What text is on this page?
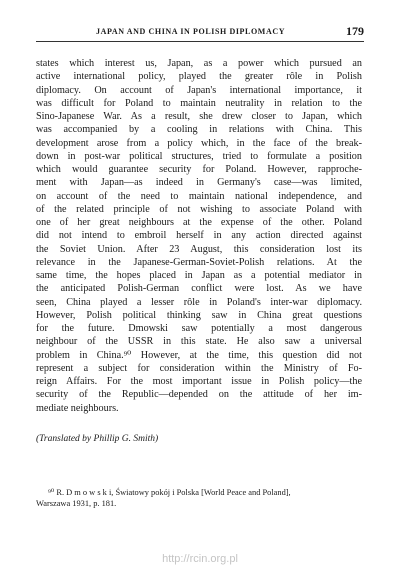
JAPAN AND CHINA IN POLISH DIPLOMACY	179
states which interest us, Japan, as a power which pursued an
active international policy, played the greater rôle in Polish
diplomacy. On account of Japan's international importance, it
was difficult for Poland to maintain neutrality in relation to the
Sino-Japanese War. As a result, she drew closer to Japan, which
was accompanied by a cooling in relations with China. This
development arose from a policy which, in the face of the break-
down in post-war political structures, tried to formulate a position
which would guarantee security for Poland. However, rapproche-
ment with Japan—as indeed in Germany's case—was limited,
on account of the need to maintain national independence, and
of the related principle of not wishing to associate Poland with
one of her great neighbours at the expense of the other. Poland
did not intend to embroil herself in any action directed against
the Soviet Union. After 23 August, this consideration lost its
relevance in the Japanese-German-Soviet-Polish relations. At the
same time, the hopes placed in Japan as a potential mediator in
the anticipated Polish-German conflict were lost. As we have
seen, China played a lesser rôle in Poland's inter-war diplomacy.
However, Polish political thinking saw in China great questions
for the future. Dmowski saw potentially a most dangerous
neighbour of the USSR in this state. He also saw a universal
problem in China.⁹⁰ However, at the time, this question did not
represent a subject for consideration within the Ministry of Fo-
reign Affairs. For the most important issue in Polish policy—the
security of the Republic—depended on the attitude of her im-
mediate neighbours.
(Translated by Phillip G. Smith)
⁹⁰ R. D m o w s k i, Światowy pokój i Polska [World Peace and Poland],
Warszawa 1931, p. 181.
http://rcin.org.pl
